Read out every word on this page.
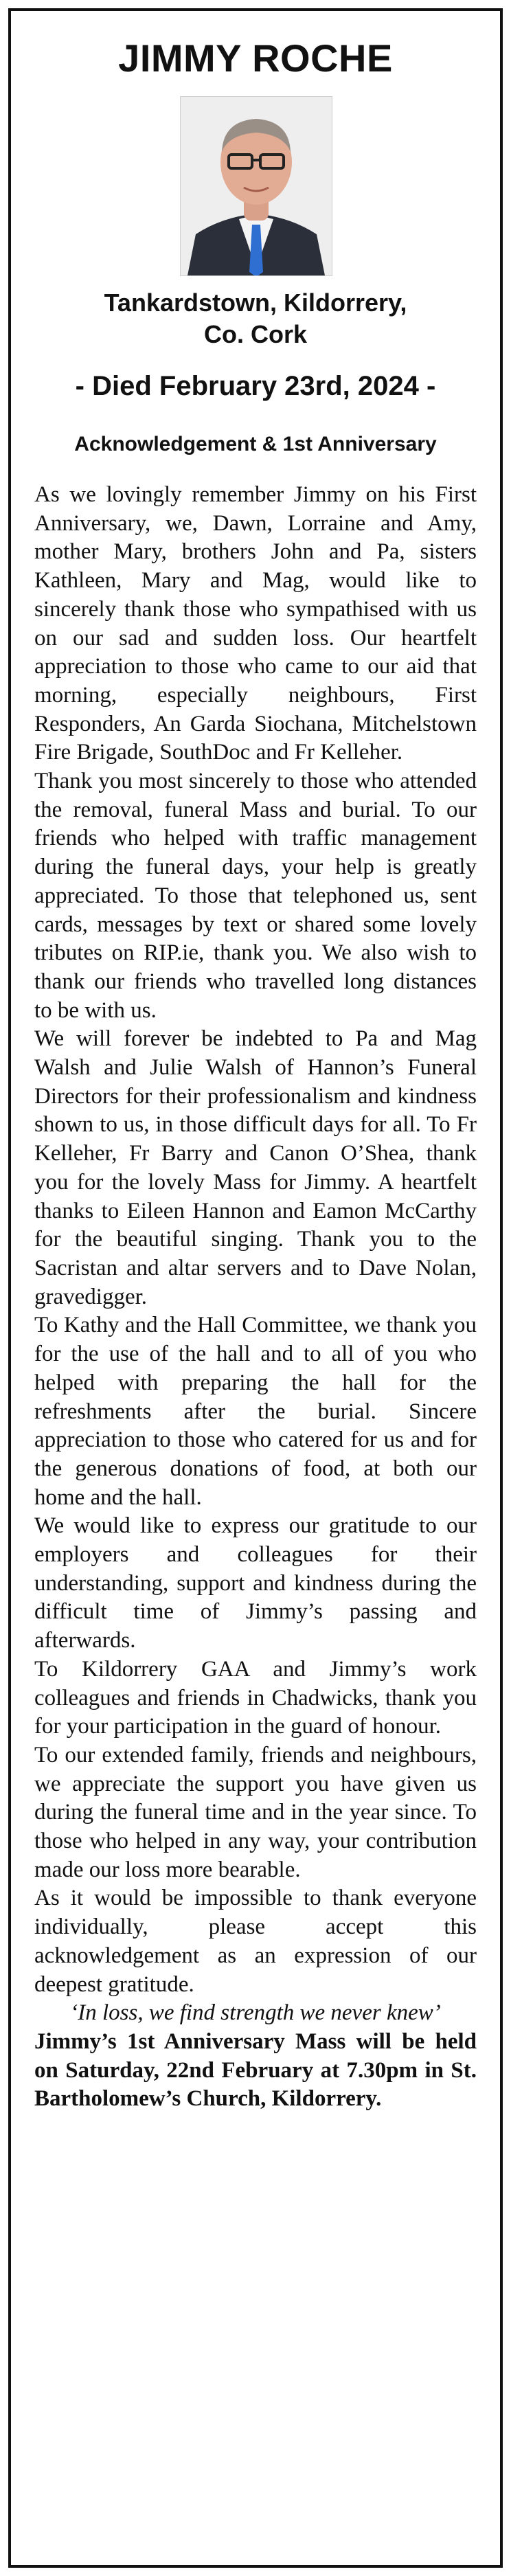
JIMMY ROCHE
Tankardstown, Kildorrery,
Co. Cork
- Died February 23rd, 2024 -
Acknowledgement & 1st Anniversary

As we lovingly remember Jimmy on his First Anniversary, we, Dawn, Lorraine and Amy, mother Mary, brothers John and Pa, sisters Kathleen, Mary and Mag, would like to sincerely thank those who sympathised with us on our sad and sudden loss. Our heartfelt appreciation to those who came to our aid that morning, especially neighbours, First Responders, An Garda Siochana, Mitchelstown Fire Brigade, SouthDoc and Fr Kelleher.

Thank you most sincerely to those who attended the removal, funeral Mass and burial. To our friends who helped with traffic management during the funeral days, your help is greatly appreciated. To those that telephoned us, sent cards, messages by text or shared some lovely tributes on RIP.ie, thank you. We also wish to thank our friends who travelled long distances to be with us.

We will forever be indebted to Pa and Mag Walsh and Julie Walsh of Hannon’s Funeral Directors for their professionalism and kindness shown to us, in those difficult days for all. To Fr Kelleher, Fr Barry and Canon O’Shea, thank you for the lovely Mass for Jimmy. A heartfelt thanks to Eileen Hannon and Eamon McCarthy for the beautiful singing. Thank you to the Sacristan and altar servers and to Dave Nolan, gravedigger.

To Kathy and the Hall Committee, we thank you for the use of the hall and to all of you who helped with preparing the hall for the refreshments after the burial. Sincere appreciation to those who catered for us and for the generous donations of food, at both our home and the hall.

We would like to express our gratitude to our employers and colleagues for their understanding, support and kindness during the difficult time of Jimmy’s passing and afterwards.

To Kildorrery GAA and Jimmy’s work colleagues and friends in Chadwicks, thank you for your participation in the guard of honour.

To our extended family, friends and neighbours, we appreciate the support you have given us during the funeral time and in the year since. To those who helped in any way, your contribution made our loss more bearable.

As it would be impossible to thank everyone individually, please accept this acknowledgement as an expression of our deepest gratitude.

‘In loss, we find strength we never knew’

Jimmy’s 1st Anniversary Mass will be held on Saturday, 22nd February at 7.30pm in St. Bartholomew’s Church, Kildorrery.
